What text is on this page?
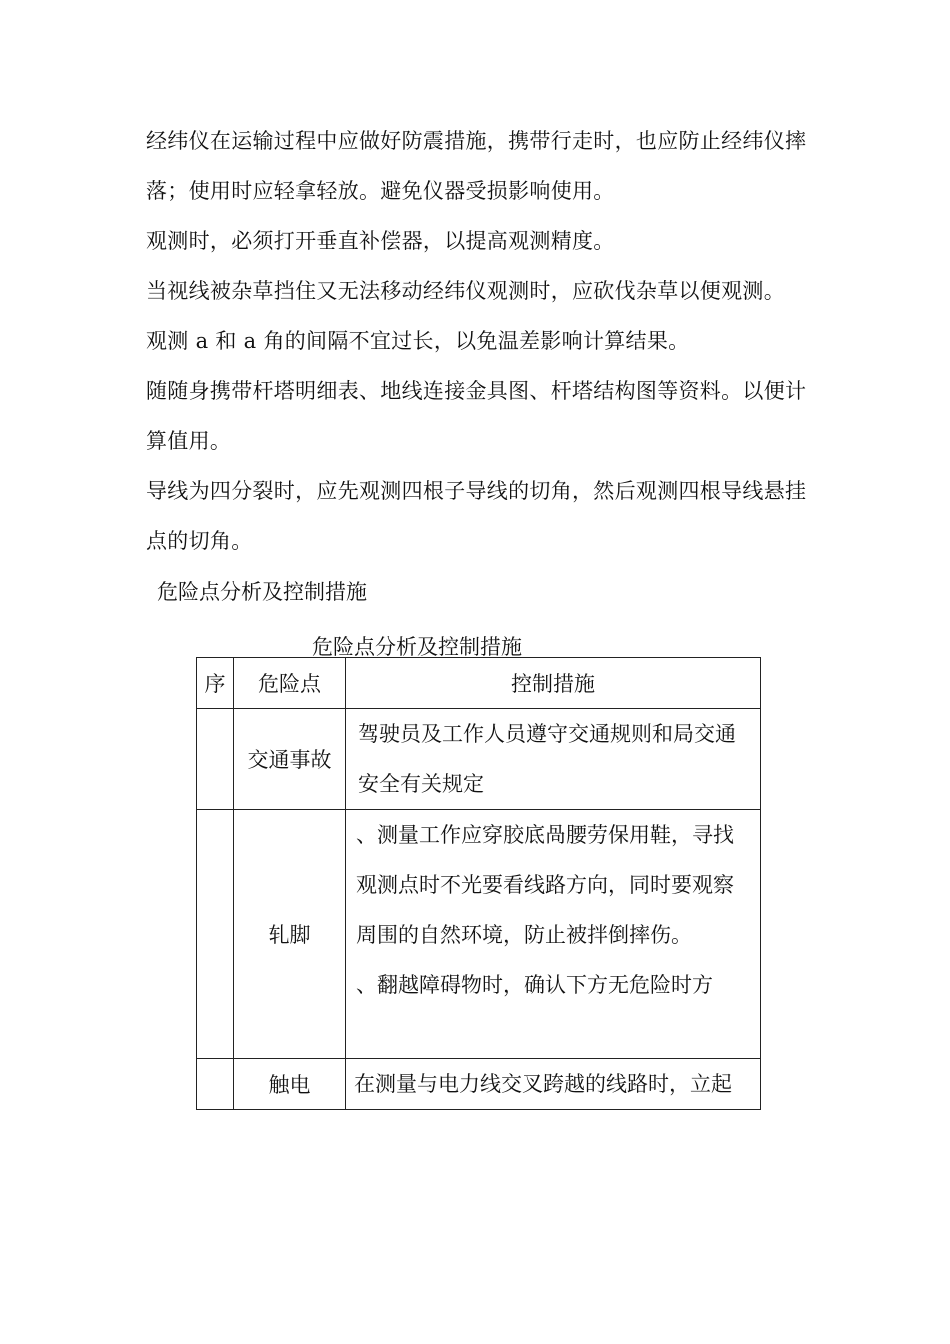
经纬仪在运输过程中应做好防震措施，携带行走时，也应防止经纬仪摔落；使用时应轻拿轻放。避免仪器受损影响使用。

观测时，必须打开垂直补偿器，以提高观测精度。

当视线被杂草挡住又无法移动经纬仪观测时，应砍伐杂草以便观测。

观测 a 和 a 角的间隔不宜过长，以免温差影响计算结果。

随随身携带杆塔明细表、地线连接金具图、杆塔结构图等资料。以便计算值用。

导线为四分裂时，应先观测四根子导线的切角，然后观测四根导线悬挂点的切角。

危险点分析及控制措施

危险点分析及控制措施

序	危险点	控制措施
	交通事故	驾驶员及工作人员遵守交通规则和局交通安全有关规定

	轧脚	、测量工作应穿胶底咼腰劳保用鞋，寻找观测点时不光要看线路方向，同时要观察周围的自然环境，防止被拌倒摔伤。
、翻越障碍物时，确认下方无危险时方

	触电	在测量与电力线交叉跨越的线路时，立起
